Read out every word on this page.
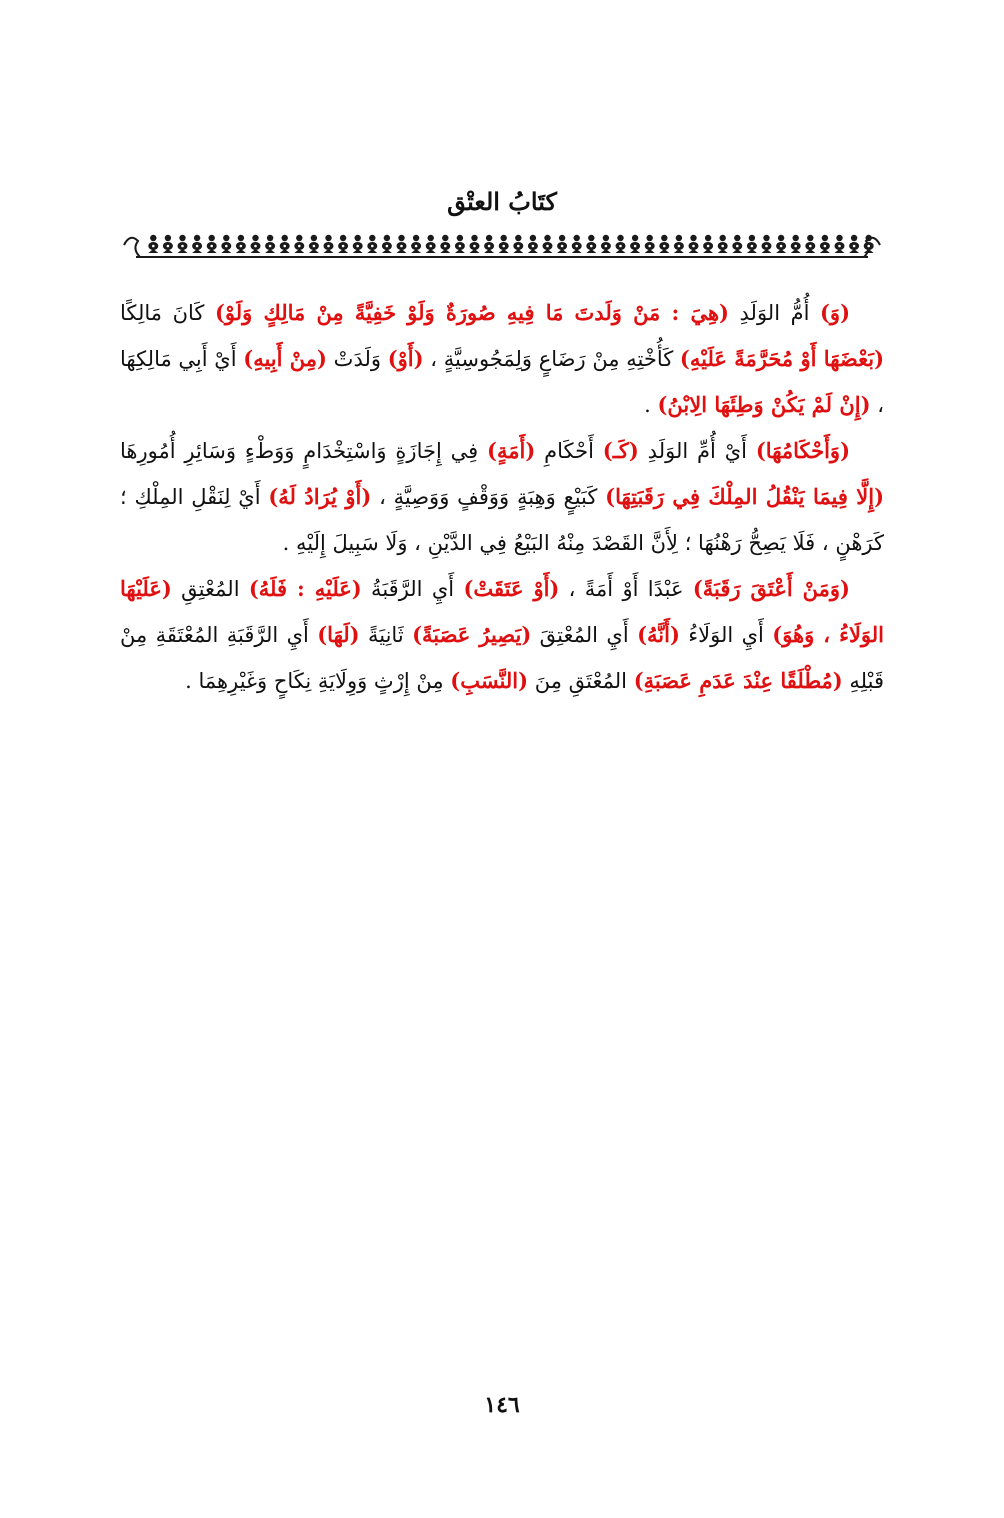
كتَابُ العتْق

(وَ) أُمُّ الوَلَدِ (هِيَ : مَنْ وَلَدتَ مَا فِيهِ صُورَةٌ وَلَوْ خَفِيَّةً مِنْ مَالِكٍ وَلَوْ) كَانَ مَالِكًا (بَعْضَهَا أَوْ مُحَرَّمَةً عَلَيْهِ) كَأُخْتِهِ مِنْ رَضَاعٍ وَلِمَجُوسِيَّةٍ ، (أَوْ) وَلَدَتْ (مِنْ أَبِيهِ) أَيْ أَبِي مَالِكِهَا ، (إِنْ لَمْ يَكُنْ وَطِئَهَا الِابْنُ) .

(وَأَحْكَامُهَا) أَيْ أُمِّ الوَلَدِ (كَـ) أَحْكَامِ (أَمَةٍ) فِي إِجَازَةٍ وَاسْتِخْدَامٍ وَوَطْءٍ وَسَائِرِ أُمُورِهَا (إِلَّا فِيمَا يَنْقُلُ المِلْكَ فِي رَقَبَتِهَا) كَبَيْعٍ وَهِبَةٍ وَوَقْفٍ وَوَصِيَّةٍ ، (أَوْ يُرَادُ لَهُ) أَيْ لِنَقْلِ المِلْكِ ؛ كَرَهْنٍ ، فَلَا يَصِحُّ رَهْنُهَا ؛ لِأَنَّ القَصْدَ مِنْهُ البَيْعُ فِي الدَّيْنِ ، وَلَا سَبِيلَ إِلَيْهِ .

(وَمَنْ أَعْتَقَ رَقَبَةً) عَبْدًا أَوْ أَمَةً ، (أَوْ عَتَقَتْ) أَيِ الرَّقَبَةُ (عَلَيْهِ : فَلَهُ) المُعْتِقِ (عَلَيْهَا الوَلَاءُ ، وَهُوَ) أَيِ الوَلَاءُ (أَنَّهُ) أَيِ المُعْتِقَ (يَصِيرُ عَصَبَةً) ثَانِيَةً (لَهَا) أَيِ الرَّقَبَةِ المُعْتَقَةِ مِنْ قَبْلِهِ (مُطْلَقًا عِنْدَ عَدَمِ عَصَبَةِ) المُعْتَقِ مِنَ (النَّسَبِ) مِنْ إِرْثٍ وَوِلَايَةِ نِكَاحٍ وَغَيْرِهِمَا .

١٤٦
